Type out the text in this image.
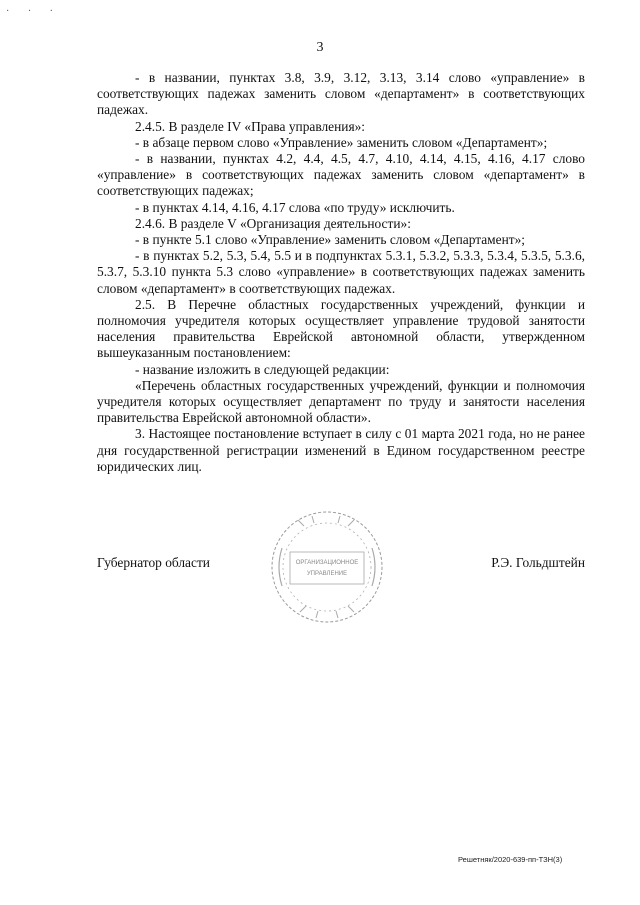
· · ·
3

- в названии, пунктах 3.8, 3.9, 3.12, 3.13, 3.14 слово «управление» в соответствующих падежах заменить словом «департамент» в соответствующих падежах.

2.4.5. В разделе IV «Права управления»:

- в абзаце первом слово «Управление» заменить словом «Департамент»;

- в названии, пунктах 4.2, 4.4, 4.5, 4.7, 4.10, 4.14, 4.15, 4.16, 4.17 слово «управление» в соответствующих падежах заменить словом «департамент» в соответствующих падежах;

- в пунктах 4.14, 4.16, 4.17 слова «по труду» исключить.

2.4.6. В разделе V «Организация деятельности»:

- в пункте 5.1 слово «Управление» заменить словом «Департамент»;

- в пунктах 5.2, 5.3, 5.4, 5.5 и в подпунктах 5.3.1, 5.3.2, 5.3.3, 5.3.4, 5.3.5, 5.3.6, 5.3.7, 5.3.10 пункта 5.3 слово «управление» в соответствующих падежах заменить словом «департамент» в соответствующих падежах.

2.5. В Перечне областных государственных учреждений, функции и полномочия учредителя которых осуществляет управление трудовой занятости населения правительства Еврейской автономной области, утвержденном вышеуказанным постановлением:

- название изложить в следующей редакции:

«Перечень областных государственных учреждений, функции и полномочия учредителя которых осуществляет департамент по труду и занятости населения правительства Еврейской автономной области».

3. Настоящее постановление вступает в силу с 01 марта 2021 года, но не ранее дня государственной регистрации изменений в Едином государственном реестре юридических лиц.

Губернатор области	Р.Э. Гольдштейн
ОРГАНИЗАЦИОННОЕ
УПРАВЛЕНИЕ
Решетняк/2020-639-пп-ТЗН(3)
